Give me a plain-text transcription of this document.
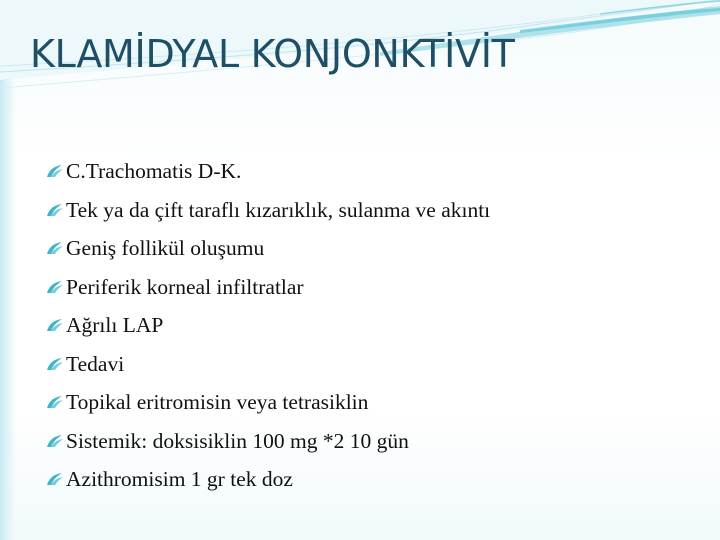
KLAMİDYAL KONJONKTİVİT
C.Trachomatis D-K.
Tek ya da çift taraflı kızarıklık, sulanma ve akıntı
Geniş follikül oluşumu
Periferik korneal infiltratlar
Ağrılı LAP
Tedavi
Topikal eritromisin veya tetrasiklin
Sistemik: doksisiklin 100 mg *2 10 gün
Azithromisim 1 gr tek doz
